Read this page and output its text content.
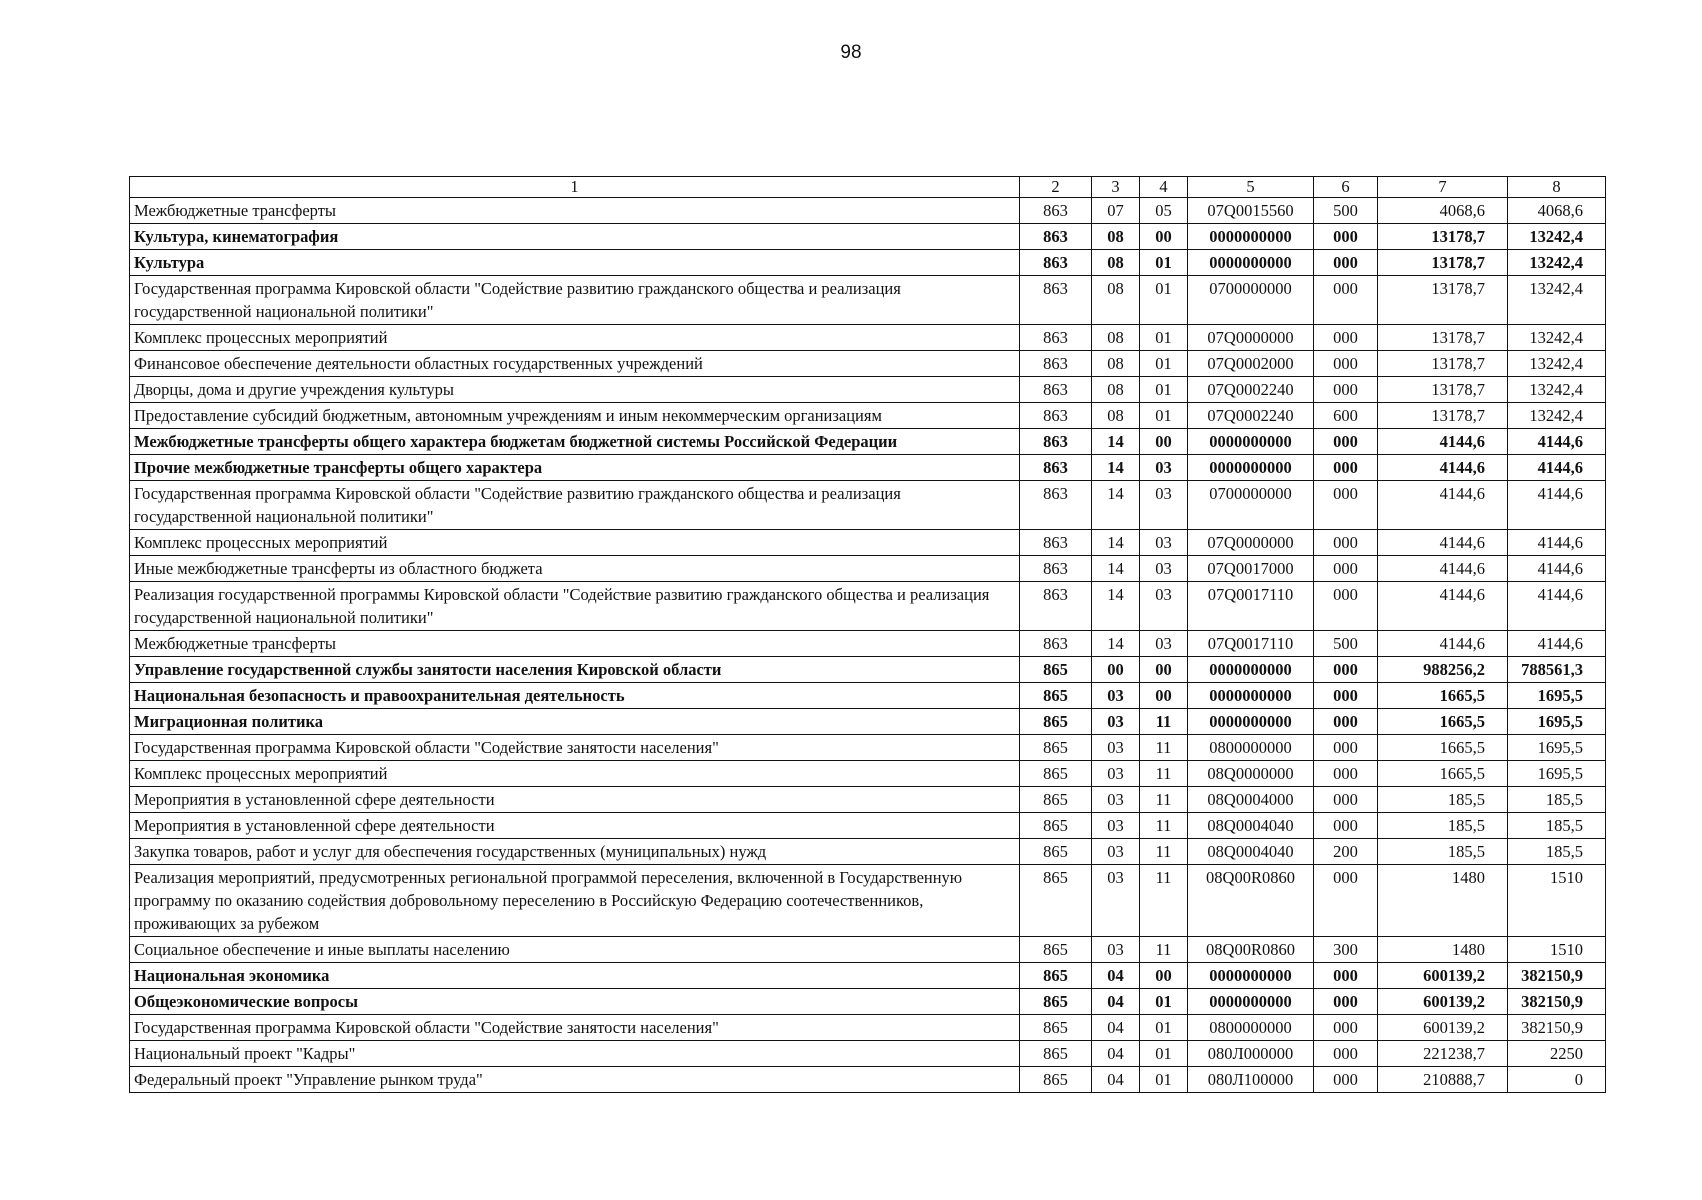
98
1	2	3	4	5	6	7	8
Межбюджетные трансферты	863	07	05	07Q0015560	500	4068,6	4068,6
Культура, кинематография	863	08	00	0000000000	000	13178,7	13242,4
Культура	863	08	01	0000000000	000	13178,7	13242,4
Государственная программа Кировской области "Содействие развитию гражданского общества и реализация государственной национальной политики"	863	08	01	0700000000	000	13178,7	13242,4
Комплекс процессных мероприятий	863	08	01	07Q0000000	000	13178,7	13242,4
Финансовое обеспечение деятельности областных государственных учреждений	863	08	01	07Q0002000	000	13178,7	13242,4
Дворцы, дома и другие учреждения культуры	863	08	01	07Q0002240	000	13178,7	13242,4
Предоставление субсидий бюджетным, автономным учреждениям и иным некоммерческим организациям	863	08	01	07Q0002240	600	13178,7	13242,4
Межбюджетные трансферты общего характера бюджетам бюджетной системы Российской Федерации	863	14	00	0000000000	000	4144,6	4144,6
Прочие межбюджетные трансферты общего характера	863	14	03	0000000000	000	4144,6	4144,6
Государственная программа Кировской области "Содействие развитию гражданского общества и реализация государственной национальной политики"	863	14	03	0700000000	000	4144,6	4144,6
Комплекс процессных мероприятий	863	14	03	07Q0000000	000	4144,6	4144,6
Иные межбюджетные трансферты из областного бюджета	863	14	03	07Q0017000	000	4144,6	4144,6
Реализация государственной программы Кировской области "Содействие развитию гражданского общества и реализация государственной национальной политики"	863	14	03	07Q0017110	000	4144,6	4144,6
Межбюджетные трансферты	863	14	03	07Q0017110	500	4144,6	4144,6
Управление государственной службы занятости населения Кировской области	865	00	00	0000000000	000	988256,2	788561,3
Национальная безопасность и правоохранительная деятельность	865	03	00	0000000000	000	1665,5	1695,5
Миграционная политика	865	03	11	0000000000	000	1665,5	1695,5
Государственная программа Кировской области "Содействие занятости населения"	865	03	11	0800000000	000	1665,5	1695,5
Комплекс процессных мероприятий	865	03	11	08Q0000000	000	1665,5	1695,5
Мероприятия в установленной сфере деятельности	865	03	11	08Q0004000	000	185,5	185,5
Мероприятия в установленной сфере деятельности	865	03	11	08Q0004040	000	185,5	185,5
Закупка товаров, работ и услуг для обеспечения государственных (муниципальных) нужд	865	03	11	08Q0004040	200	185,5	185,5
Реализация мероприятий, предусмотренных региональной программой переселения, включенной в Государственную программу по оказанию содействия добровольному переселению в Российскую Федерацию соотечественников, проживающих за рубежом	865	03	11	08Q00R0860	000	1480	1510
Социальное обеспечение и иные выплаты населению	865	03	11	08Q00R0860	300	1480	1510
Национальная экономика	865	04	00	0000000000	000	600139,2	382150,9
Общеэкономические вопросы	865	04	01	0000000000	000	600139,2	382150,9
Государственная программа Кировской области "Содействие занятости населения"	865	04	01	0800000000	000	600139,2	382150,9
Национальный проект "Кадры"	865	04	01	080Л000000	000	221238,7	2250
Федеральный проект "Управление рынком труда"	865	04	01	080Л100000	000	210888,7	0
